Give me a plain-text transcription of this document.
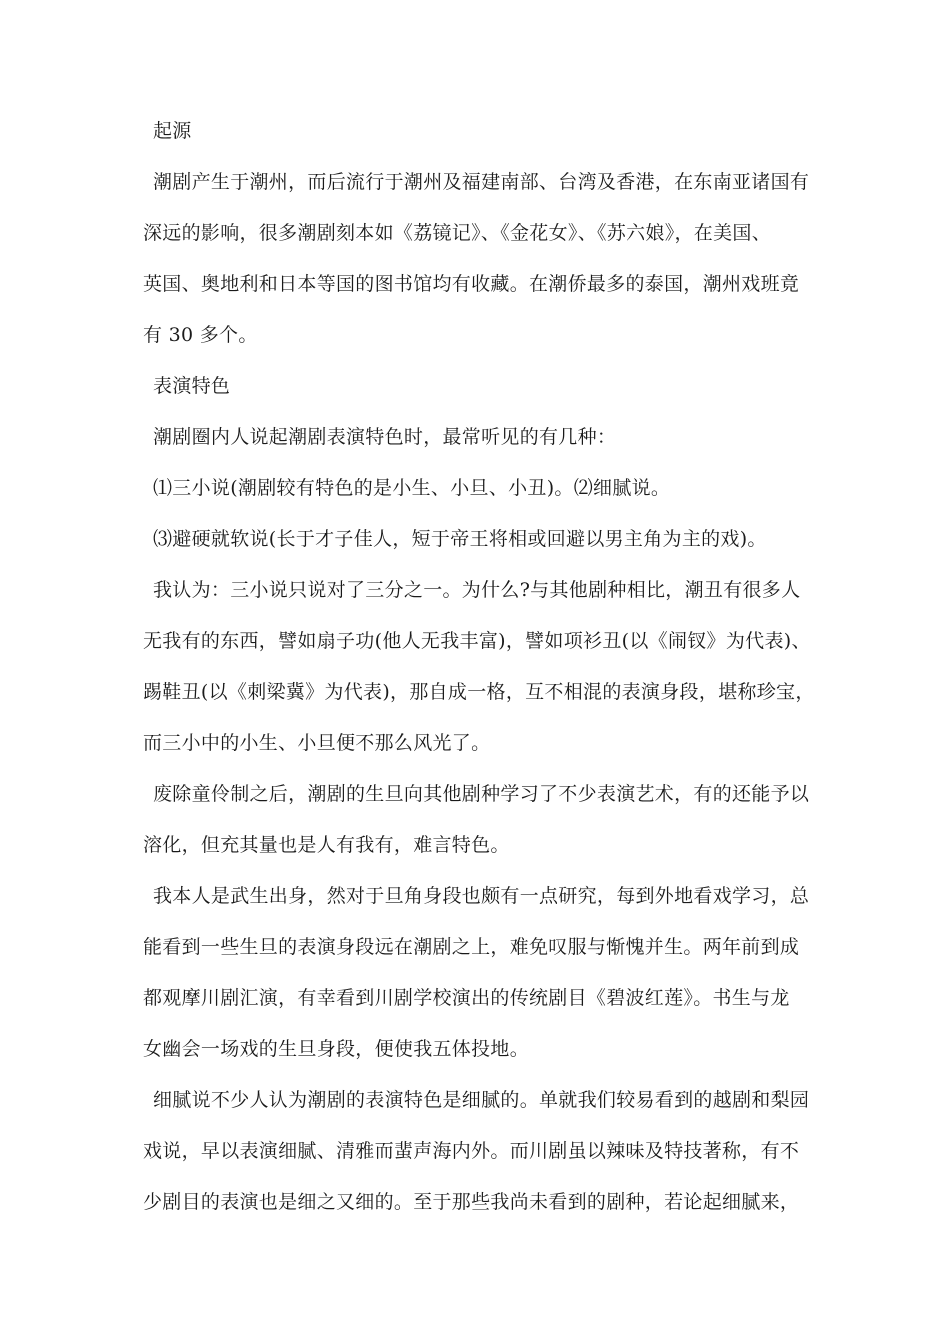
起源
潮剧产生于潮州，而后流行于潮州及福建南部、台湾及香港，在东南亚诸国有
深远的影响，很多潮剧刻本如《荔镜记》、《金花女》、《苏六娘》，在美国、
英国、奥地利和日本等国的图书馆均有收藏。在潮侨最多的泰国，潮州戏班竟
有 30 多个。
表演特色
潮剧圈内人说起潮剧表演特色时，最常听见的有几种：
⑴三小说(潮剧较有特色的是小生、小旦、小丑)。⑵细腻说。
⑶避硬就软说(长于才子佳人，短于帝王将相或回避以男主角为主的戏)。
我认为：三小说只说对了三分之一。为什么?与其他剧种相比，潮丑有很多人
无我有的东西，譬如扇子功(他人无我丰富)，譬如项衫丑(以《闹钗》为代表)、
踢鞋丑(以《刺梁冀》为代表)，那自成一格，互不相混的表演身段，堪称珍宝，
而三小中的小生、小旦便不那么风光了。
废除童伶制之后，潮剧的生旦向其他剧种学习了不少表演艺术，有的还能予以
溶化，但充其量也是人有我有，难言特色。
我本人是武生出身，然对于旦角身段也颇有一点研究，每到外地看戏学习，总
能看到一些生旦的表演身段远在潮剧之上，难免叹服与惭愧并生。两年前到成
都观摩川剧汇演，有幸看到川剧学校演出的传统剧目《碧波红莲》。书生与龙
女幽会一场戏的生旦身段，便使我五体投地。
细腻说不少人认为潮剧的表演特色是细腻的。单就我们较易看到的越剧和梨园
戏说，早以表演细腻、清雅而蜚声海内外。而川剧虽以辣味及特技著称，有不
少剧目的表演也是细之又细的。至于那些我尚未看到的剧种，若论起细腻来，
